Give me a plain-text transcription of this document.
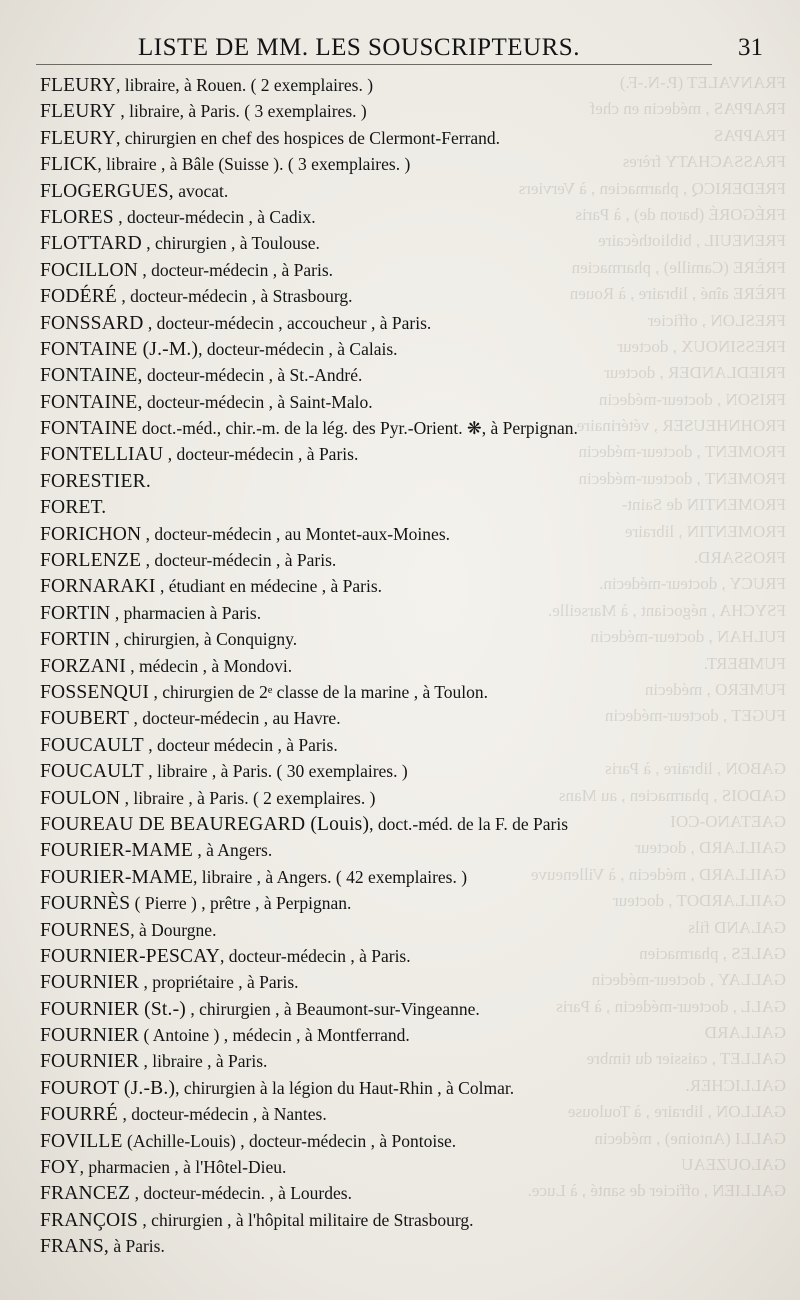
FRANVALET (P.-N.-F.)
FRAPPAS , médecin en chef
FRAPPAS
FRASSACHATY frères
FREDERICQ , pharmacien , à Verviers
FRÉGORÉ (baron de) , à Paris
FRENEUIL , bibliothécaire
FRÈRE (Camille) , pharmacien
FRÈRE aîné , libraire , à Rouen
FRESLON , officier
FRESSINOUX , docteur
FRIEDLANDER , docteur
FRISON , docteur-médecin
FROHNHEUSER , vétérinaire
FROMENT , docteur-médecin
FROMENT , docteur-médecin
FROMENTIN de Saint-
FROMENTIN , libraire
FROSSARD.
FRUCY , docteur-médecin.
FSYCHA , négociant , à Marseille.
FULHAN , docteur-médecin
FUMBERT.
FUMERO , médecin
FUGET , docteur-médecin
GABON , libraire , à Paris
GADOIS , pharmacien , au Mans
GAETANO-COI
GAILLARD , docteur
GAILLARD , médecin , à Villeneuve
GAILLARDOT , docteur
GALAND fils
GALES , pharmacien
GALLAY , docteur-médecin
GALL , docteur-médecin , à Paris
GALLARD
GALLET , caissier du timbre
GALLICHER.
GALLON , libraire , à Toulouse
GALLI (Antoine) , médecin
GALOUZEAU
GALLIEN , officier de santé , à Luce.
LISTE DE MM. LES SOUSCRIPTEURS.	31
FLEURY, libraire, à Rouen. ( 2 exemplaires. )
FLEURY , libraire, à Paris. ( 3 exemplaires. )
FLEURY, chirurgien en chef des hospices de Clermont-Ferrand.
FLICK, libraire , à Bâle (Suisse ). ( 3 exemplaires. )
FLOGERGUES, avocat.
FLORES , docteur-médecin , à Cadix.
FLOTTARD , chirurgien , à Toulouse.
FOCILLON , docteur-médecin , à Paris.
FODÉRÉ , docteur-médecin , à Strasbourg.
FONSSARD , docteur-médecin , accoucheur , à Paris.
FONTAINE (J.-M.), docteur-médecin , à Calais.
FONTAINE, docteur-médecin , à St.-André.
FONTAINE, docteur-médecin , à Saint-Malo.
FONTAINE doct.-méd., chir.-m. de la lég. des Pyr.-Orient. ❋, à Perpignan.
FONTELLIAU , docteur-médecin , à Paris.
FORESTIER.
FORET.
FORICHON , docteur-médecin , au Montet-aux-Moines.
FORLENZE , docteur-médecin , à Paris.
FORNARAKI , étudiant en médecine , à Paris.
FORTIN , pharmacien à Paris.
FORTIN , chirurgien, à Conquigny.
FORZANI , médecin , à Mondovi.
FOSSENQUI , chirurgien de 2ᵉ classe de la marine , à Toulon.
FOUBERT , docteur-médecin , au Havre.
FOUCAULT , docteur médecin , à Paris.
FOUCAULT , libraire , à Paris. ( 30 exemplaires. )
FOULON , libraire , à Paris. ( 2 exemplaires. )
FOUREAU DE BEAUREGARD (Louis), doct.-méd. de la F. de Paris
FOURIER-MAME , à Angers.
FOURIER-MAME, libraire , à Angers. ( 42 exemplaires. )
FOURNÈS ( Pierre ) , prêtre , à Perpignan.
FOURNES, à Dourgne.
FOURNIER-PESCAY, docteur-médecin , à Paris.
FOURNIER , propriétaire , à Paris.
FOURNIER (St.-) , chirurgien , à Beaumont-sur-Vingeanne.
FOURNIER ( Antoine ) , médecin , à Montferrand.
FOURNIER , libraire , à Paris.
FOUROT (J.-B.), chirurgien à la légion du Haut-Rhin , à Colmar.
FOURRÉ , docteur-médecin , à Nantes.
FOVILLE (Achille-Louis) , docteur-médecin , à Pontoise.
FOY, pharmacien , à l'Hôtel-Dieu.
FRANCEZ , docteur-médecin. , à Lourdes.
FRANÇOIS , chirurgien , à l'hôpital militaire de Strasbourg.
FRANS, à Paris.
